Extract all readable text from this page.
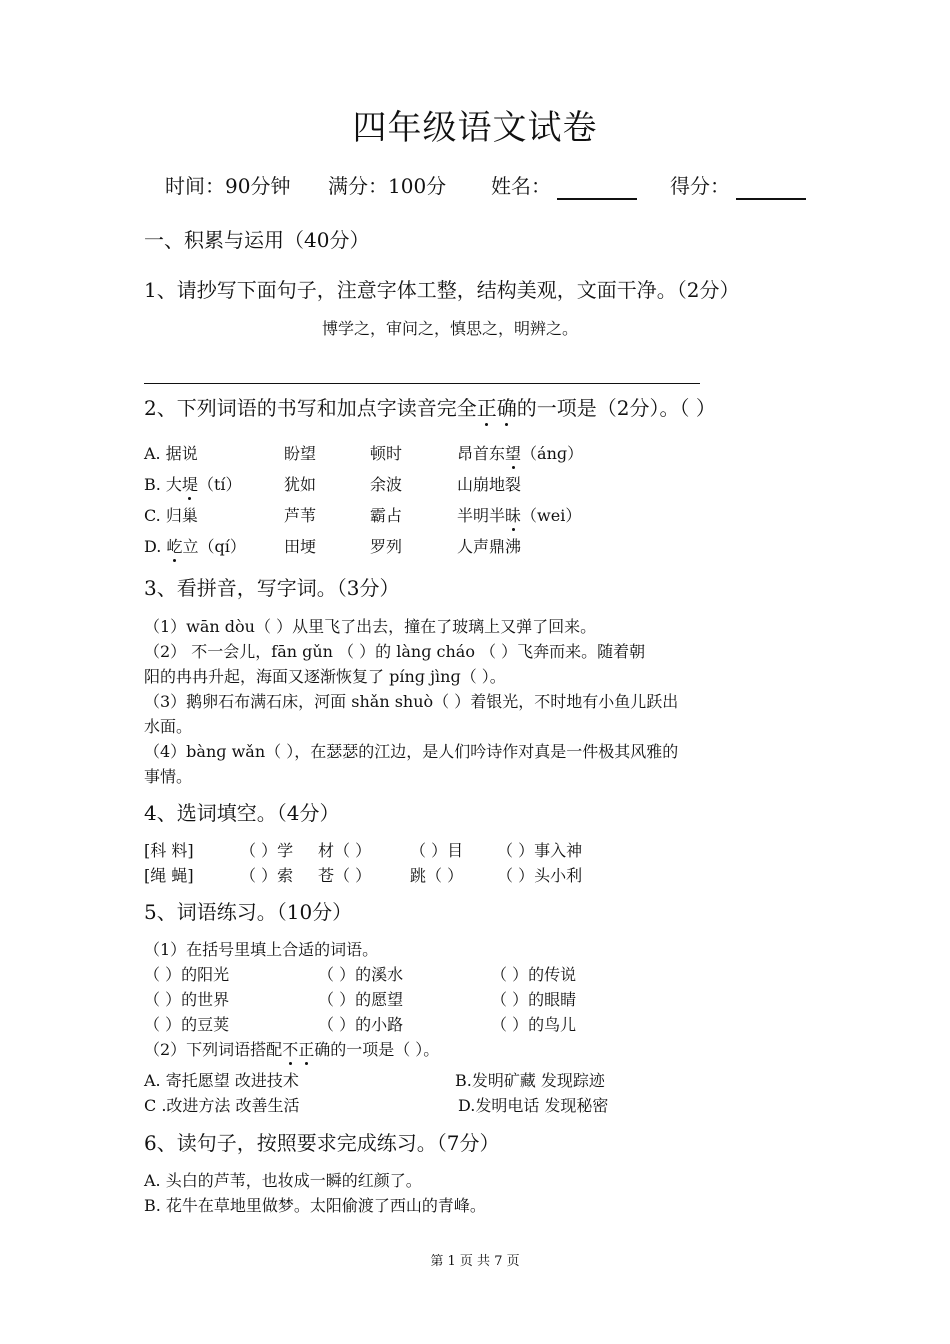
四年级语文试卷
时间：90分钟 满分：100分 姓名：	得分：
一、积累与运用（40分）
1、请抄写下面句子，注意字体工整，结构美观，文面干净。（2分）
博学之，审问之，慎思之，明辨之。
2、下列词语的书写和加点字读音完全正确的一项是（2分）。（ ）
A. 据说	盼望	顿时	昂首东望（ánɡ）
B. 大堤（tí）	犹如	余波	山崩地裂
C. 归巢	芦苇	霸占	半明半昧（wei）
D. 屹立（qí） 田埂	罗列	人声鼎沸
3、看拼音，写字词。（3分）
（1）wān dòu（ ）从里飞了出去，撞在了玻璃上又弹了回来。
（2） 不一会儿，fān gǔn （ ）的 lànɡ cháo （ ）飞奔而来。随着朝
阳的冉冉升起，海面又逐渐恢复了 pínɡ jìnɡ（ ）。
（3）鹅卵石布满石床，河面 shǎn shuò（ ）着银光，不时地有小鱼儿跃出
水面。
（4）bànɡ wǎn（ ），在瑟瑟的江边，是人们吟诗作对真是一件极其风雅的
事情。
4、选词填空。（4分）
[科 料]	（ ）学 材（ ） （ ）目 （ ）事入神
[绳 蝇]	（ ）索 苍（ ） 跳（ ） （ ）头小利
5、词语练习。（10分）
（1）在括号里填上合适的词语。
（ ）的阳光	（ ）的溪水	（ ）的传说
（ ）的世界	（ ）的愿望	（ ）的眼睛
（ ）的豆荚	（ ）的小路	（ ）的鸟儿
（2）下列词语搭配不正确的一项是（ ）。
A. 寄托愿望 改进技术	B.发明矿藏 发现踪迹
C .改进方法 改善生活	D.发明电话 发现秘密
6、读句子，按照要求完成练习。（7分）
A. 头白的芦苇，也妆成一瞬的红颜了。
B. 花牛在草地里做梦。太阳偷渡了西山的青峰。
第 1 页 共 7 页
